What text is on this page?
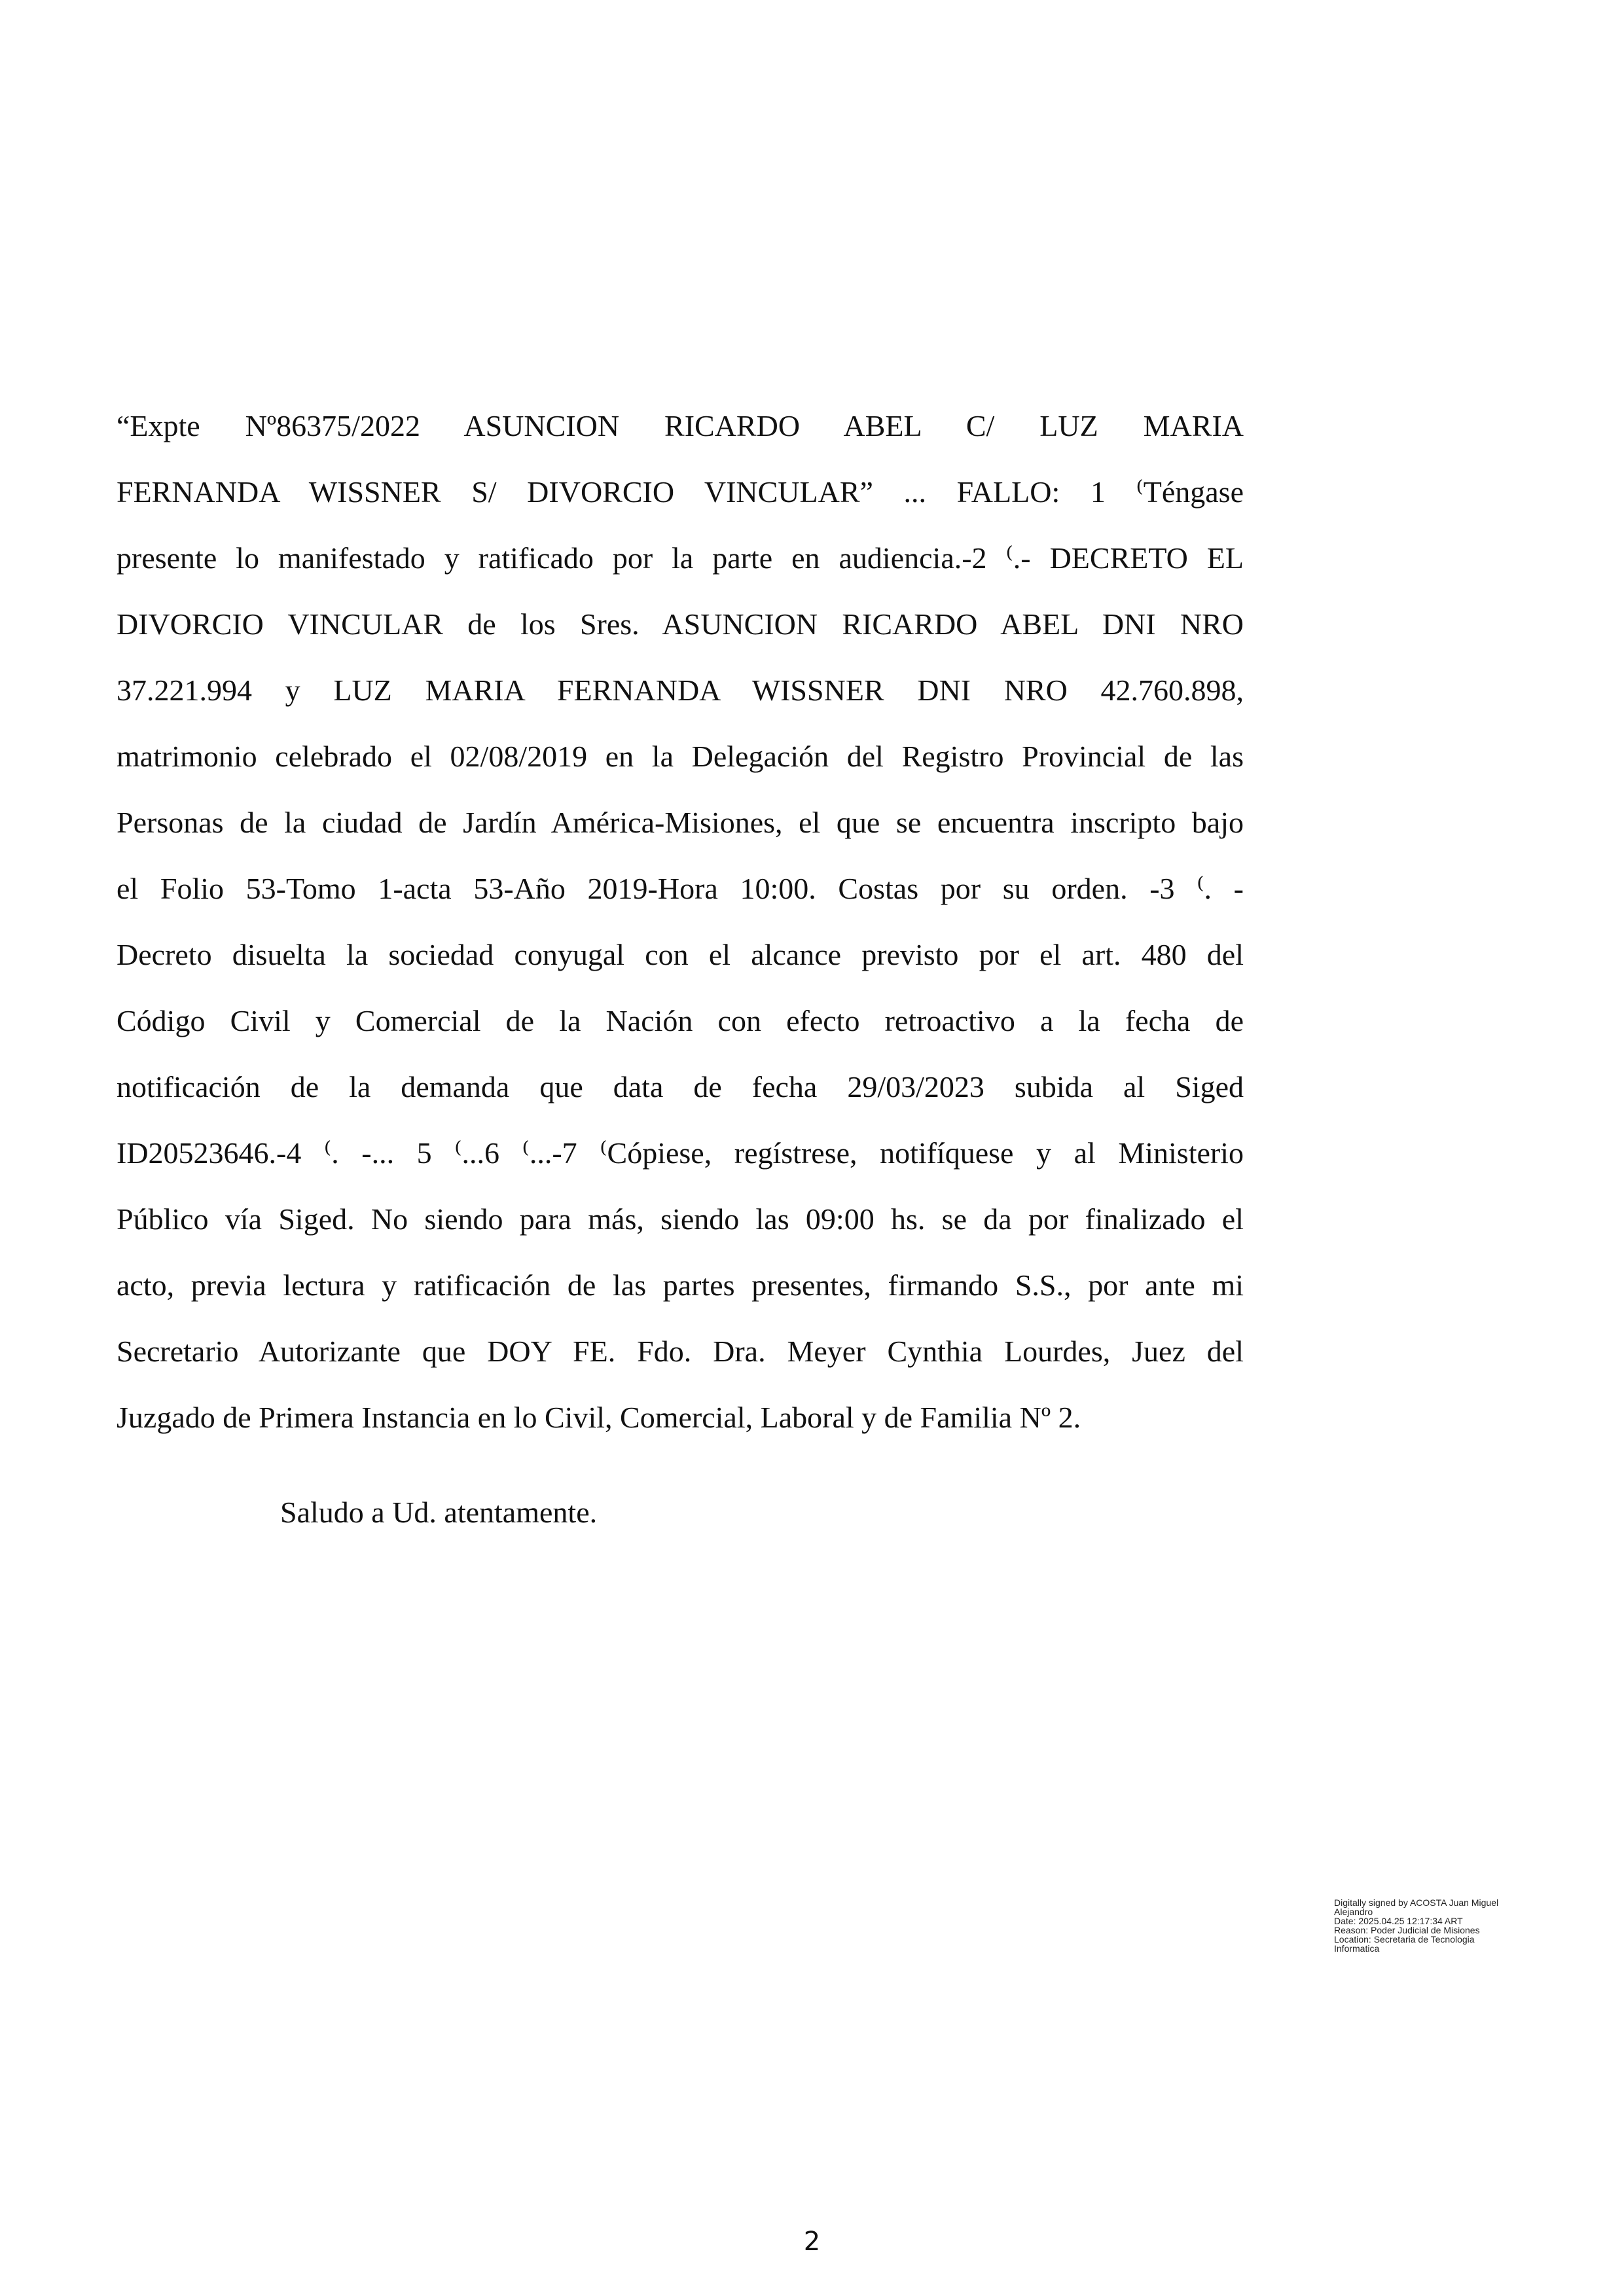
“Expte Nº86375/2022 ASUNCION RICARDO ABEL C/ LUZ MARIA
FERNANDA WISSNER S/ DIVORCIO VINCULAR” ... FALLO: 1 ⁽Téngase
presente lo manifestado y ratificado por la parte en audiencia.-2 ⁽.- DECRETO EL
DIVORCIO VINCULAR de los Sres. ASUNCION RICARDO ABEL DNI NRO
37.221.994 y LUZ MARIA FERNANDA WISSNER DNI NRO 42.760.898,
matrimonio celebrado el 02/08/2019 en la Delegación del Registro Provincial de las
Personas de la ciudad de Jardín América-Misiones, el que se encuentra inscripto bajo
el Folio 53-Tomo 1-acta 53-Año 2019-Hora 10:00. Costas por su orden. -3 ⁽. -
Decreto disuelta la sociedad conyugal con el alcance previsto por el art. 480 del
Código Civil y Comercial de la Nación con efecto retroactivo a la fecha de
notificación de la demanda que data de fecha 29/03/2023 subida al Siged
ID20523646.-4 ⁽. -... 5 ⁽...6 ⁽...-7 ⁽Cópiese, regístrese, notifíquese y al Ministerio
Público vía Siged. No siendo para más, siendo las 09:00 hs. se da por finalizado el
acto, previa lectura y ratificación de las partes presentes, firmando S.S., por ante mi
Secretario Autorizante que DOY FE. Fdo. Dra. Meyer Cynthia Lourdes, Juez del
Juzgado de Primera Instancia en lo Civil, Comercial, Laboral y de Familia Nº 2.
Saludo a Ud. atentamente.
Digitally signed by ACOSTA Juan Miguel
Alejandro
Date: 2025.04.25 12:17:34 ART
Reason: Poder Judicial de Misiones
Location: Secretaria de Tecnologia
Informatica
2
